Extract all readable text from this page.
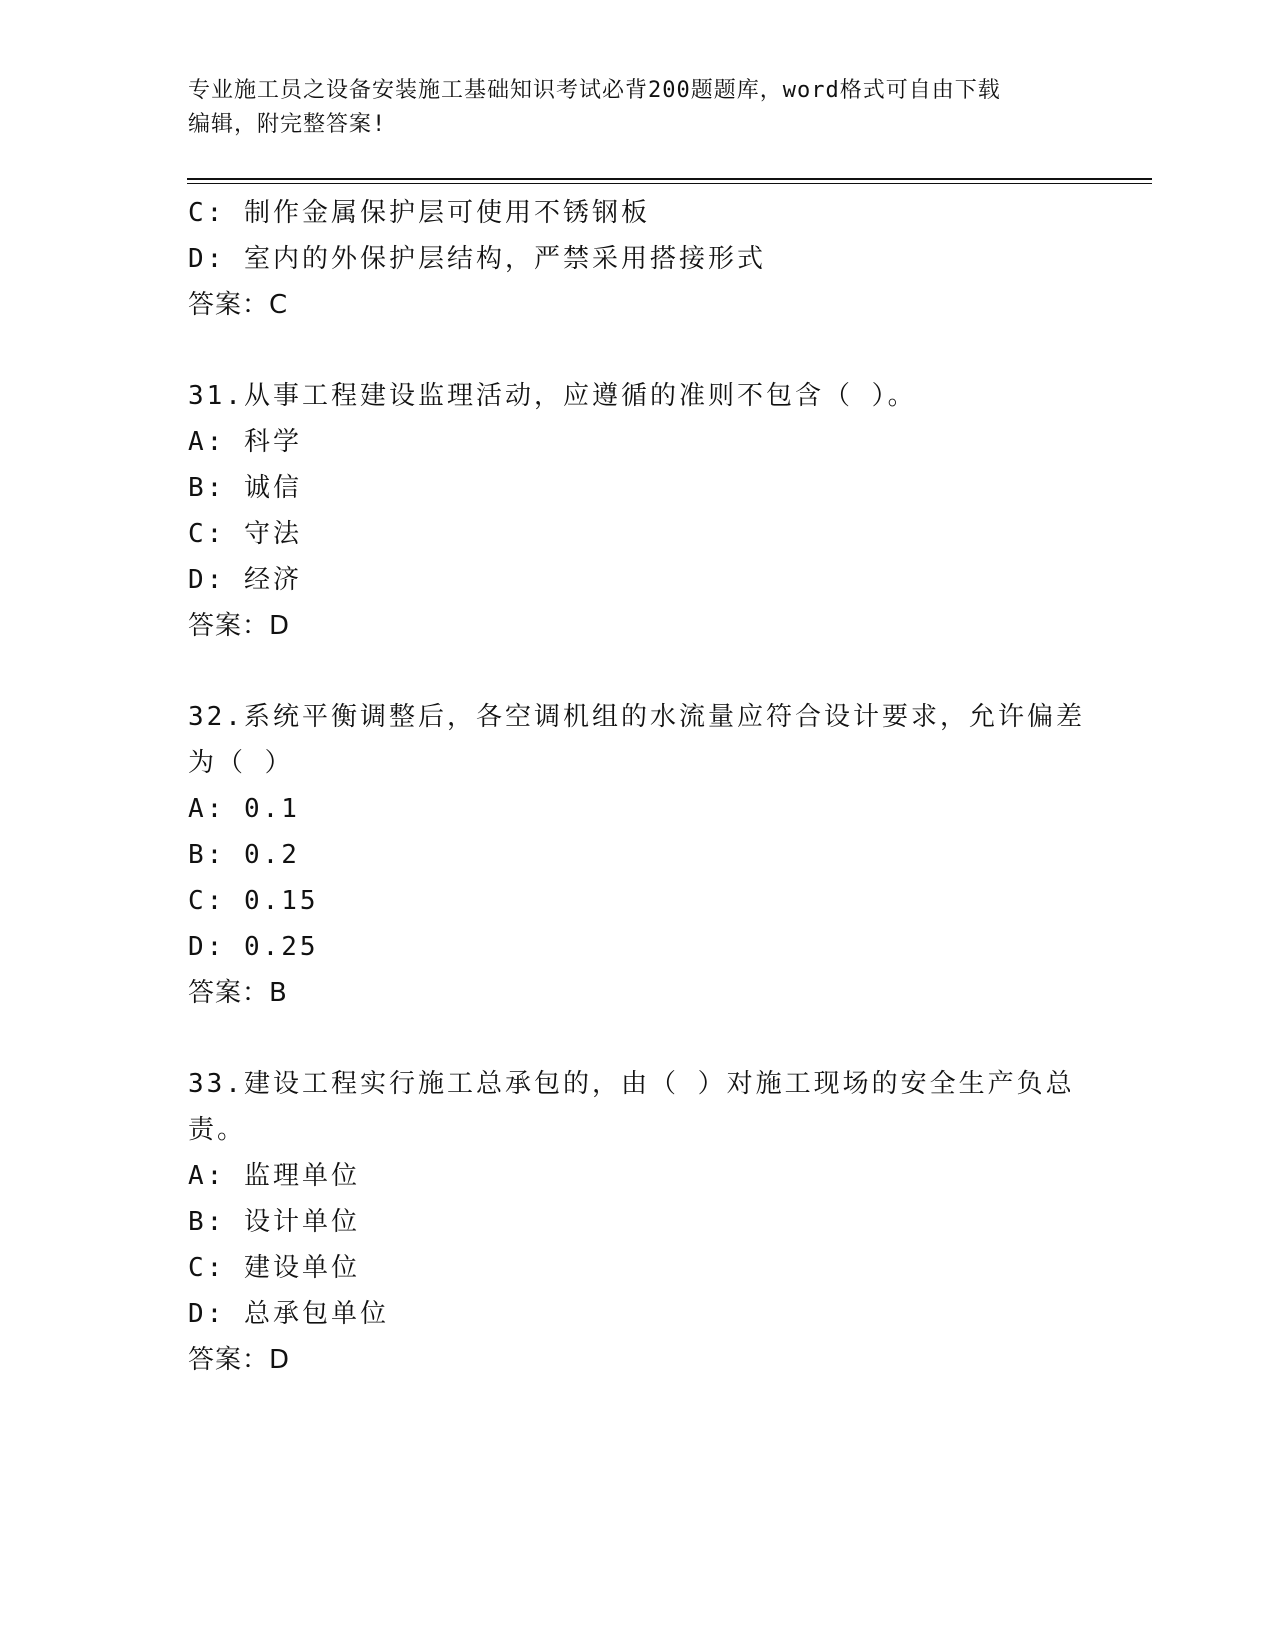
专业施工员之设备安装施工基础知识考试必背200题题库，word格式可自由下载
编辑，附完整答案!
C: 制作金属保护层可使用不锈钢板
D: 室内的外保护层结构，严禁采用搭接形式
答案：C
31.从事工程建设监理活动，应遵循的准则不包含（ ）。
A: 科学
B: 诚信
C: 守法
D: 经济
答案：D
32.系统平衡调整后，各空调机组的水流量应符合设计要求，允许偏差
为（ ）
A: 0.1
B: 0.2
C: 0.15
D: 0.25
答案：B
33.建设工程实行施工总承包的，由（ ）对施工现场的安全生产负总
责。
A: 监理单位
B: 设计单位
C: 建设单位
D: 总承包单位
答案：D
